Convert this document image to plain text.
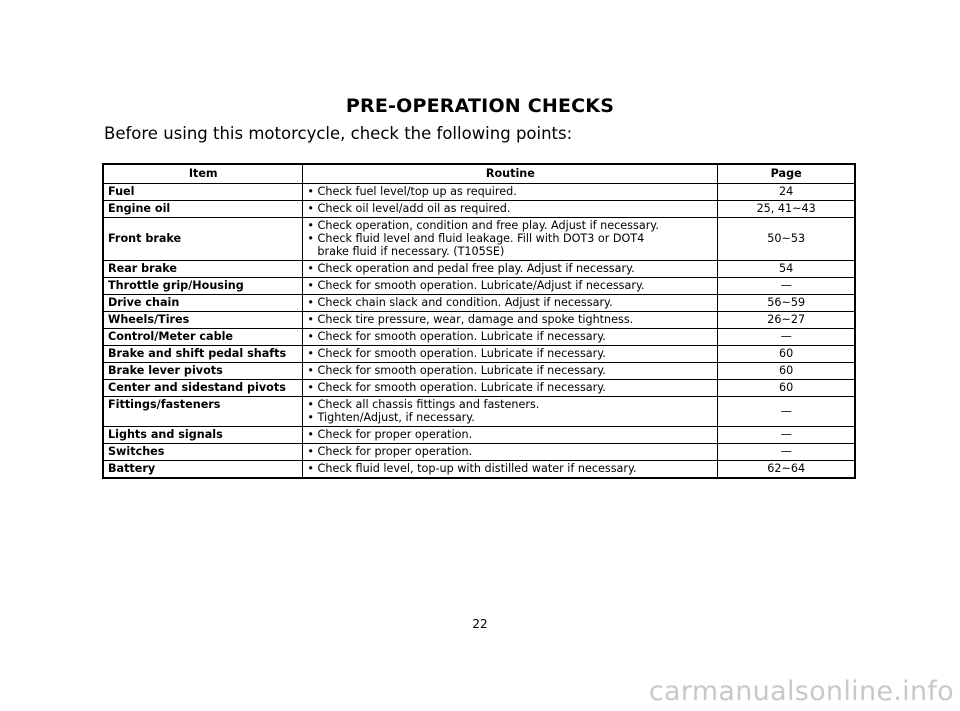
PRE-OPERATION CHECKS
Before using this motorcycle, check the following points:
Item	Routine	Page
Fuel	• Check fuel level/top up as required.	24
Engine oil	• Check oil level/add oil as required.	25, 41~43
Front brake	• Check operation, condition and free play. Adjust if necessary.
• Check fluid level and fluid leakage. Fill with DOT3 or DOT4
brake fluid if necessary. (T105SE)	50~53
Rear brake	• Check operation and pedal free play. Adjust if necessary.	54
Throttle grip/Housing	• Check for smooth operation. Lubricate/Adjust if necessary.	—
Drive chain	• Check chain slack and condition. Adjust if necessary.	56~59
Wheels/Tires	• Check tire pressure, wear, damage and spoke tightness.	26~27
Control/Meter cable	• Check for smooth operation. Lubricate if necessary.	—
Brake and shift pedal shafts	• Check for smooth operation. Lubricate if necessary.	60
Brake lever pivots	• Check for smooth operation. Lubricate if necessary.	60
Center and sidestand pivots	• Check for smooth operation. Lubricate if necessary.	60
Fittings/fasteners	• Check all chassis fittings and fasteners.
• Tighten/Adjust, if necessary.	—
Lights and signals	• Check for proper operation.	—
Switches	• Check for proper operation.	—
Battery	• Check fluid level, top-up with distilled water if necessary.	62~64
22
carmanualsonline.info
